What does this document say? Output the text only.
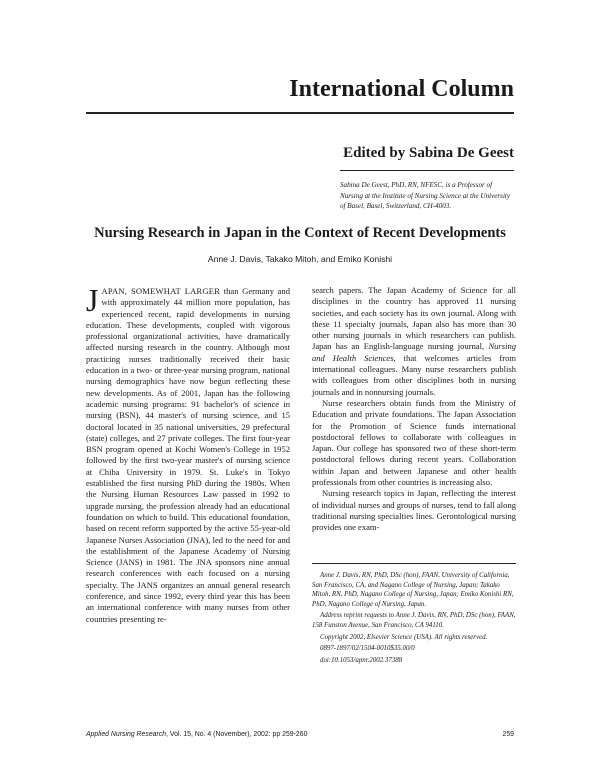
International Column
Edited by Sabina De Geest
Sabina De Geest, PhD, RN, NFESC, is a Professor of Nursing at the Institute of Nursing Science at the University of Basel, Basel, Switzerland, CH-4003.
Nursing Research in Japan in the Context of Recent Developments
Anne J. Davis, Takako Mitoh, and Emiko Konishi

JAPAN, SOMEWHAT LARGER than Germany and with approximately 44 million more population, has experienced recent, rapid developments in nursing education. These developments, coupled with vigorous professional organizational activities, have dramatically affected nursing research in the country. Although most practicing nurses traditionally received their basic education in a two- or three-year nursing program, national nursing demographics have now begun reflecting these new developments. As of 2001, Japan has the following academic nursing programs: 91 bachelor's of science in nursing (BSN), 44 master's of nursing science, and 15 doctoral located in 35 national universities, 29 prefectural (state) colleges, and 27 private colleges. The first four-year BSN program opened at Kochi Women's College in 1952 followed by the first two-year master's of nursing science at Chiba University in 1979. St. Luke's in Tokyo established the first nursing PhD during the 1980s. When the Nursing Human Resources Law passed in 1992 to upgrade nursing, the profession already had an educational foundation on which to build. This educational foundation, based on recent reform supported by the active 55-year-old Japanese Nurses Association (JNA), led to the need for and the establishment of the Japanese Academy of Nursing Science (JANS) in 1981. The JNA sponsors nine annual research conferences with each focused on a nursing specialty. The JANS organizes an annual general research conference, and since 1992, every third year this has been an international conference with many nurses from other countries presenting re-

search papers. The Japan Academy of Science for all disciplines in the country has approved 11 nursing societies, and each society has its own journal. Along with these 11 specialty journals, Japan also has more than 30 other nursing journals in which researchers can publish. Japan has an English-language nursing journal, Nursing and Health Sciences, that welcomes articles from international colleagues. Many nurse researchers publish with colleagues from other disciplines both in nursing journals and in nonnursing journals.

Nurse researchers obtain funds from the Ministry of Education and private foundations. The Japan Association for the Promotion of Science funds international postdoctoral fellows to collaborate with colleagues in Japan. Our college has sponsored two of these short-term postdoctoral fellows during recent years. Collaboration within Japan and between Japanese and other health professionals from other countries is increasing also.

Nursing research topics in Japan, reflecting the interest of individual nurses and groups of nurses, tend to fall along traditional nursing specialties lines. Gerontological nursing provides one exam-

Anne J. Davis, RN, PhD, DSc (hon), FAAN, University of California, San Francisco, CA, and Nagano College of Nursing, Japan; Takako Mitoh, RN, PhD, Nagano College of Nursing, Japan; Emiko Konishi RN, PhD, Nagano College of Nursing, Japan.

Address reprint requests to Anne J. Davis, RN, PhD, DSc (hon), FAAN, 158 Funston Avenue, San Francisco, CA 94110.

Copyright 2002, Elsevier Science (USA). All rights reserved.

0897-1897/02/1504-0010$35.00/0

doi:10.1053/apnr.2002.37388

Applied Nursing Research, Vol. 15, No. 4 (November), 2002: pp 259-260	259
